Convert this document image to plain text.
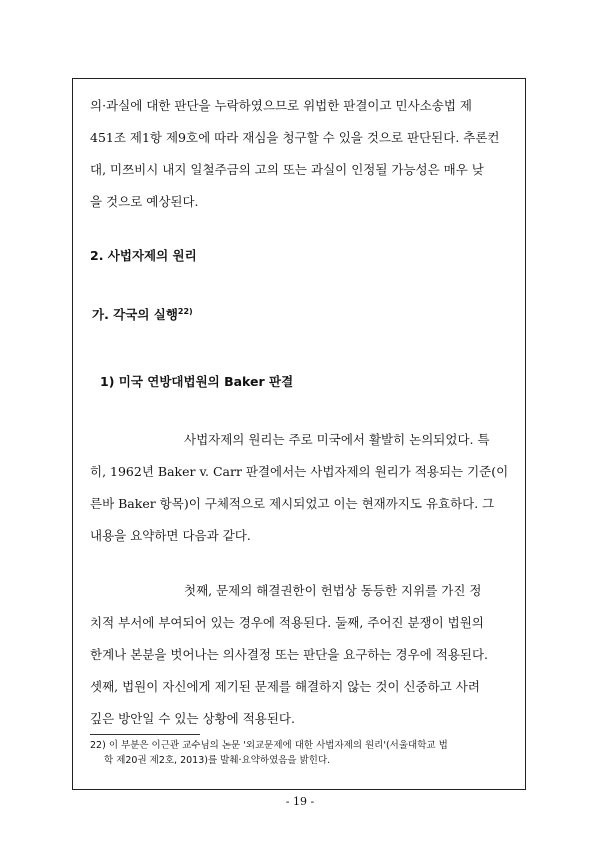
의·과실에 대한 판단을 누락하였으므로 위법한 판결이고 민사소송법 제
451조 제1항 제9호에 따라 재심을 청구할 수 있을 것으로 판단된다. 추론컨
대, 미쯔비시 내지 일철주금의 고의 또는 과실이 인정될 가능성은 매우 낮
을 것으로 예상된다.
2. 사법자제의 원리
가. 각국의 실행$^{22)}$
1) 미국 연방대법원의 Baker 판결
사법자제의 원리는 주로 미국에서 활발히 논의되었다. 특
히, 1962년 Baker v. Carr 판결에서는 사법자제의 원리가 적용되는 기준(이
른바 Baker 항목)이 구체적으로 제시되었고 이는 현재까지도 유효하다. 그
내용을 요약하면 다음과 같다.
첫째, 문제의 해결권한이 헌법상 동등한 지위를 가진 정
치적 부서에 부여되어 있는 경우에 적용된다. 둘째, 주어진 분쟁이 법원의
한계나 본분을 벗어나는 의사결정 또는 판단을 요구하는 경우에 적용된다.
셋째, 법원이 자신에게 제기된 문제를 해결하지 않는 것이 신중하고 사려
깊은 방안일 수 있는 상황에 적용된다.
22) 이 부분은 이근관 교수님의 논문 '외교문제에 대한 사법자제의 원리'(서울대학교 법
학 제20권 제2호, 2013)를 발췌·요약하였음을 밝힌다.
- 19 -
